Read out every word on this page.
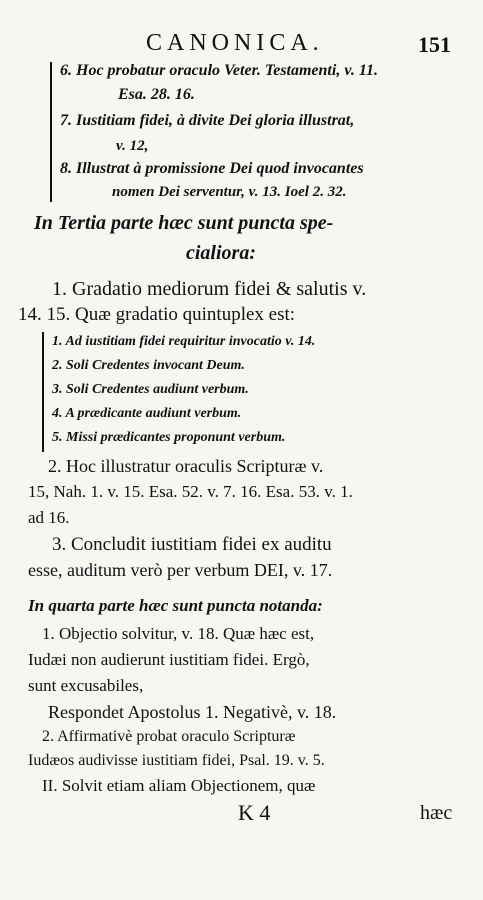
CANONICA.	151
6. Hoc probatur oraculo Veter. Testamenti, v. 11.
Esa. 28. 16.
7. Iustitiam fidei, à divite Dei gloria illustrat,
v. 12,
8. Illustrat à promissione Dei quod invocantes
nomen Dei serventur, v. 13. Ioel 2. 32.
In Tertia parte hæc sunt puncta spe-
cialiora:
1. Gradatio mediorum fidei & salutis v.
14. 15. Quæ gradatio quintuplex est:
1. Ad iustitiam fidei requiritur invocatio v. 14.
2. Soli Credentes invocant Deum.
3. Soli Credentes audiunt verbum.
4. A prædicante audiunt verbum.
5. Missi prædicantes proponunt verbum.
2. Hoc illustratur oraculis Scripturæ v.
15, Nah. 1. v. 15. Esa. 52. v. 7. 16. Esa. 53. v. 1.
ad 16.
3. Concludit iustitiam fidei ex auditu
esse, auditum verò per verbum DEI, v. 17.
In quarta parte hæc sunt puncta notanda:
1. Objectio solvitur, v. 18. Quæ hæc est,
Iudæi non audierunt iustitiam fidei. Ergò,
sunt excusabiles,
Respondet Apostolus 1. Negativè, v. 18.
2. Affirmativè probat oraculo Scripturæ
Iudæos audivisse iustitiam fidei, Psal. 19. v. 5.
II. Solvit etiam aliam Objectionem, quæ
K 4	hæc
